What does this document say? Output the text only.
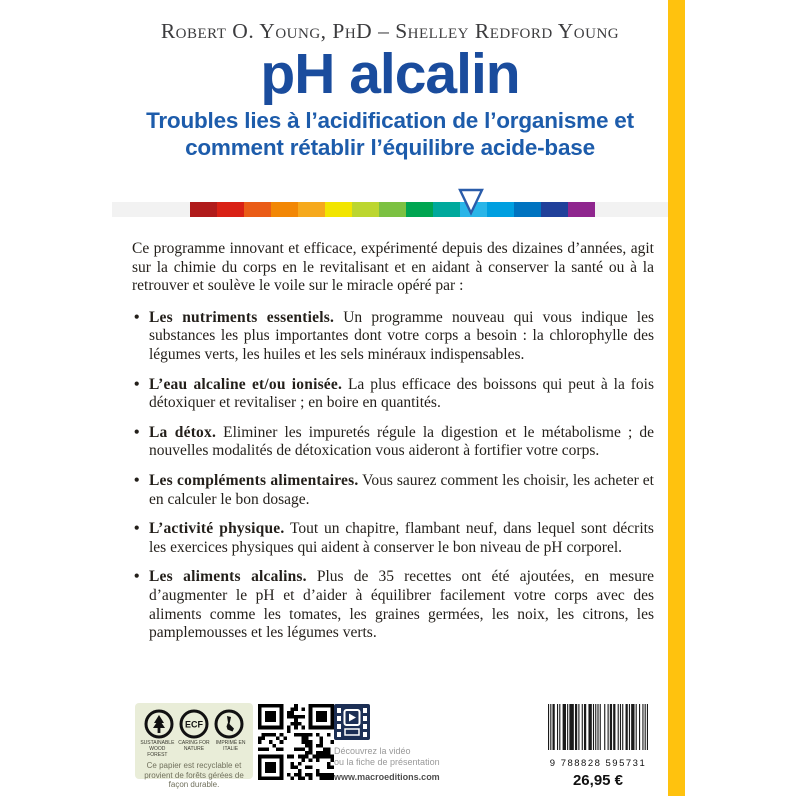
Robert O. Young, PhD – Shelley Redford Young
pH alcalin
Troubles lies à l’acidification de l’organisme et
comment rétablir l’équilibre acide-base

Ce programme innovant et efficace, expérimenté depuis des dizaines d’années, agit sur la chimie du corps en le revitalisant et en aidant à conserver la santé ou à la retrouver et soulève le voile sur le miracle opéré par :

• Les nutriments essentiels. Un programme nouveau qui vous indique les substances les plus importantes dont votre corps a besoin : la chlorophylle des légumes verts, les huiles et les sels minéraux indispensables.
• L’eau alcaline et/ou ionisée. La plus efficace des boissons qui peut à la fois détoxiquer et revitaliser ; en boire en quantités.
• La détox. Eliminer les impuretés régule la digestion et le métabolisme ; de nouvelles modalités de détoxication vous aideront à fortifier votre corps.
• Les compléments alimentaires. Vous saurez comment les choisir, les acheter et en calculer le bon dosage.
• L’activité physique. Tout un chapitre, flambant neuf, dans lequel sont décrits les exercices physiques qui aident à conserver le bon niveau de pH corporel.
• Les aliments alcalins. Plus de 35 recettes ont été ajoutées, en mesure d’augmenter le pH et d’aider à équilibrer facilement votre corps avec des aliments comme les tomates, les graines germées, les noix, les citrons, les pamplemousses et les légumes verts.
ECF
SUSTAINABLE WOOD FOREST
CARING FOR NATURE
IMPRIMÉ EN ITALIE
Ce papier est recyclable et provient de forêts gérées de façon durable.
Découvrez la vidéo
ou la fiche de présentation
www.macroeditions.com
9 788828 595731
26,95 €
